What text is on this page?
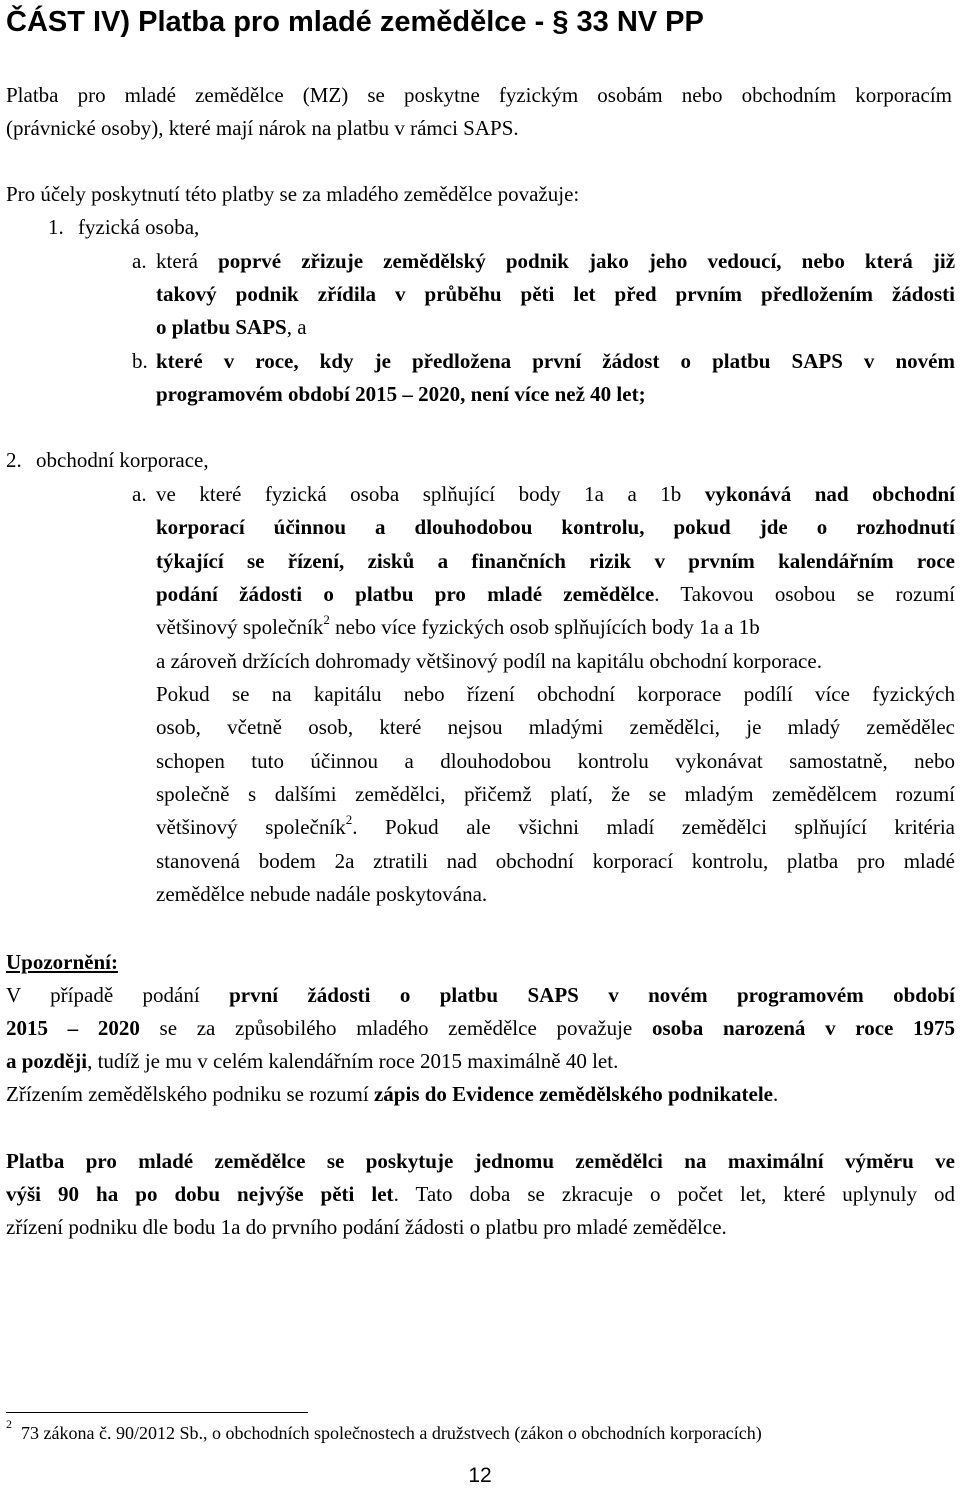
ČÁST IV) Platba pro mladé zemědělce - § 33 NV PP

Platba pro mladé zemědělce (MZ) se poskytne fyzickým osobám nebo obchodním korporacím

(právnické osoby), které mají nárok na platbu v rámci SAPS.

Pro účely poskytnutí této platby se za mladého zemědělce považuje:

1. fyzická osoba,

a. která poprvé zřizuje zemědělský podnik jako jeho vedoucí, nebo která již

takový podnik zřídila v průběhu pěti let před prvním předložením žádosti

o platbu SAPS, a

b. které v roce, kdy je předložena první žádost o platbu SAPS v novém

programovém období 2015 – 2020, není více než 40 let;

2. obchodní korporace,

a. ve které fyzická osoba splňující body 1a a 1b vykonává nad obchodní

korporací účinnou a dlouhodobou kontrolu, pokud jde o rozhodnutí

týkající se řízení, zisků a finančních rizik v prvním kalendářním roce

podání žádosti o platbu pro mladé zemědělce. Takovou osobou se rozumí

většinový společník$^2$ nebo více fyzických osob splňujících body 1a a 1b

a zároveň držících dohromady většinový podíl na kapitálu obchodní korporace.

Pokud se na kapitálu nebo řízení obchodní korporace podílí více fyzických

osob, včetně osob, které nejsou mladými zemědělci, je mladý zemědělec

schopen tuto účinnou a dlouhodobou kontrolu vykonávat samostatně, nebo

společně s dalšími zemědělci, přičemž platí, že se mladým zemědělcem rozumí

většinový společník$^2$. Pokud ale všichni mladí zemědělci splňující kritéria

stanovená bodem 2a ztratili nad obchodní korporací kontrolu, platba pro mladé

zemědělce nebude nadále poskytována.

Upozornění:

V případě podání první žádosti o platbu SAPS v novém programovém období

2015 – 2020 se za způsobilého mladého zemědělce považuje osoba narozená v roce 1975

a později, tudíž je mu v celém kalendářním roce 2015 maximálně 40 let.

Zřízením zemědělského podniku se rozumí zápis do Evidence zemědělského podnikatele.

Platba pro mladé zemědělce se poskytuje jednomu zemědělci na maximální výměru ve

výši 90 ha po dobu nejvýše pěti let. Tato doba se zkracuje o počet let, které uplynuly od

zřízení podniku dle bodu 1a do prvního podání žádosti o platbu pro mladé zemědělce.

$^2$ 73 zákona č. 90/2012 Sb., o obchodních společnostech a družstvech (zákon o obchodních korporacích)
12
